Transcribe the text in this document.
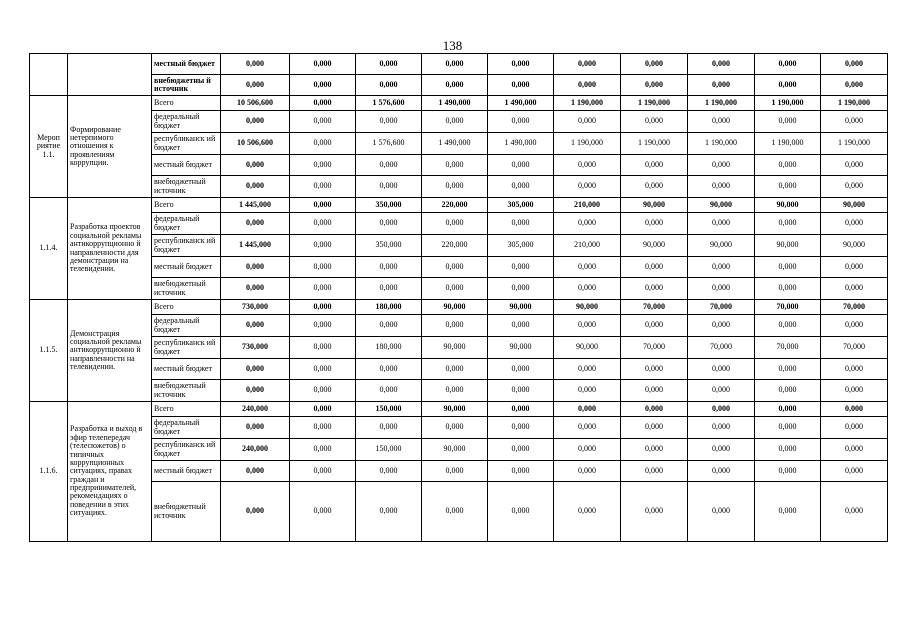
138
		местный бюджет	0,000	0,000	0,000	0,000	0,000	0,000	0,000	0,000	0,000	0,000
		внебюджетны й источник	0,000	0,000	0,000	0,000	0,000	0,000	0,000	0,000	0,000	0,000
Мероп риятие 1.1.	Формирование нетерпимого отношения к проявлениям коррупции.	Всего	10 506,600	0,000	1 576,600	1 490,000	1 490,000	1 190,000	1 190,000	1 190,000	1 190,000	1 190,000
		федеральный бюджет	0,000	0,000	0,000	0,000	0,000	0,000	0,000	0,000	0,000	0,000
		республиканск ий бюджет	10 506,600	0,000	1 576,600	1 490,000	1 490,000	1 190,000	1 190,000	1 190,000	1 190,000	1 190,000
		местный бюджет	0,000	0,000	0,000	0,000	0,000	0,000	0,000	0,000	0,000	0,000
		внебюджетный источник	0,000	0,000	0,000	0,000	0,000	0,000	0,000	0,000	0,000	0,000
1.1.4.	Разработка проектов социальной рекламы антикоррупционно й направленности для демонстрации на телевидении.	Всего	1 445,000	0,000	350,000	220,000	305,000	210,000	90,000	90,000	90,000	90,000
		федеральный бюджет	0,000	0,000	0,000	0,000	0,000	0,000	0,000	0,000	0,000	0,000
		республиканск ий бюджет	1 445,000	0,000	350,000	220,000	305,000	210,000	90,000	90,000	90,000	90,000
		местный бюджет	0,000	0,000	0,000	0,000	0,000	0,000	0,000	0,000	0,000	0,000
		внебюджетный источник	0,000	0,000	0,000	0,000	0,000	0,000	0,000	0,000	0,000	0,000
1.1.5.	Демонстрация социальной рекламы антикоррупционно й направленности на телевидении.	Всего	730,000	0,000	180,000	90,000	90,000	90,000	70,000	70,000	70,000	70,000
		федеральный бюджет	0,000	0,000	0,000	0,000	0,000	0,000	0,000	0,000	0,000	0,000
		республиканск ий бюджет	730,000	0,000	180,000	90,000	90,000	90,000	70,000	70,000	70,000	70,000
		местный бюджет	0,000	0,000	0,000	0,000	0,000	0,000	0,000	0,000	0,000	0,000
		внебюджетный источник	0,000	0,000	0,000	0,000	0,000	0,000	0,000	0,000	0,000	0,000
1.1.6.	Разработка и выход в эфир телепередач (телесюжетов) о типичных коррупционных ситуациях, правах граждан и предпринимателей, рекомендациях о поведении в этих ситуациях.	Всего	240,000	0,000	150,000	90,000	0,000	0,000	0,000	0,000	0,000	0,000
		федеральный бюджет	0,000	0,000	0,000	0,000	0,000	0,000	0,000	0,000	0,000	0,000
		республиканск ий бюджет	240,000	0,000	150,000	90,000	0,000	0,000	0,000	0,000	0,000	0,000
		местный бюджет	0,000	0,000	0,000	0,000	0,000	0,000	0,000	0,000	0,000	0,000
		внебюджетный источник	0,000	0,000	0,000	0,000	0,000	0,000	0,000	0,000	0,000	0,000
